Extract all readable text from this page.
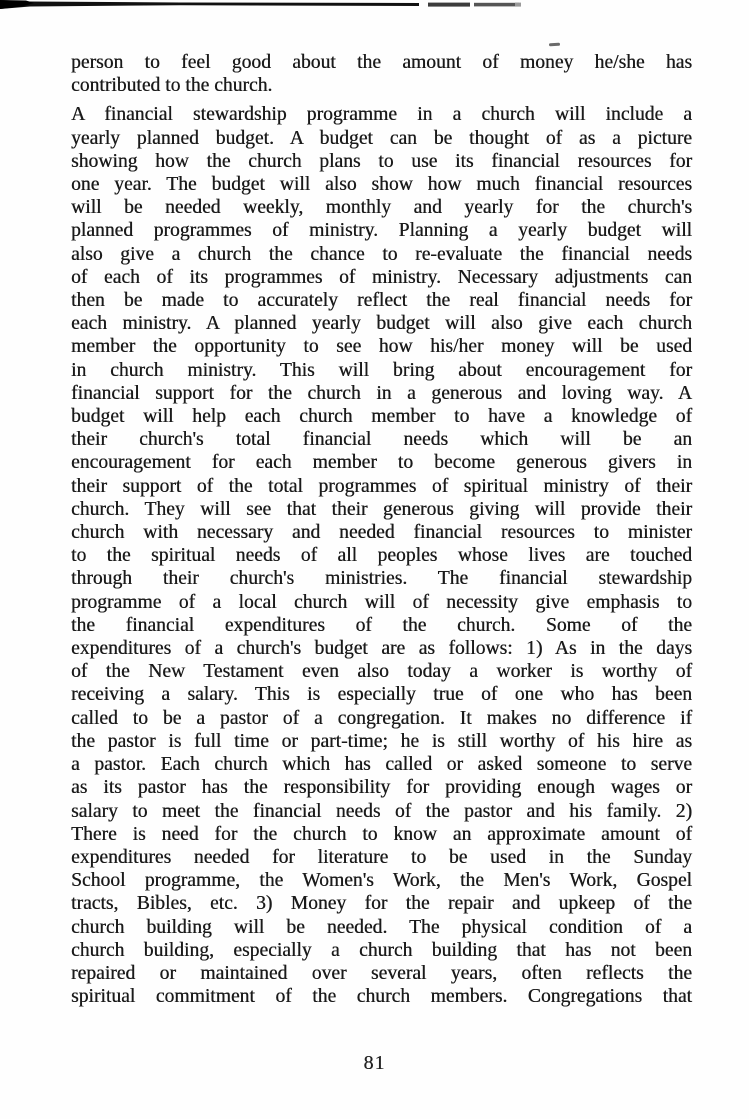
person to feel good about the amount of money he/she has
contributed to the church.

A financial stewardship programme in a church will include a
yearly planned budget. A budget can be thought of as a picture
showing how the church plans to use its financial resources for
one year. The budget will also show how much financial resources
will be needed weekly, monthly and yearly for the church's
planned programmes of ministry. Planning a yearly budget will
also give a church the chance to re-evaluate the financial needs
of each of its programmes of ministry. Necessary adjustments can
then be made to accurately reflect the real financial needs for
each ministry. A planned yearly budget will also give each church
member the opportunity to see how his/her money will be used
in church ministry. This will bring about encouragement for
financial support for the church in a generous and loving way. A
budget will help each church member to have a knowledge of
their church's total financial needs which will be an
encouragement for each member to become generous givers in
their support of the total programmes of spiritual ministry of their
church. They will see that their generous giving will provide their
church with necessary and needed financial resources to minister
to the spiritual needs of all peoples whose lives are touched
through their church's ministries. The financial stewardship
programme of a local church will of necessity give emphasis to
the financial expenditures of the church. Some of the
expenditures of a church's budget are as follows: 1) As in the days
of the New Testament even also today a worker is worthy of
receiving a salary. This is especially true of one who has been
called to be a pastor of a congregation. It makes no difference if
the pastor is full time or part-time; he is still worthy of his hire as
a pastor. Each church which has called or asked someone to serve
as its pastor has the responsibility for providing enough wages or
salary to meet the financial needs of the pastor and his family. 2)
There is need for the church to know an approximate amount of
expenditures needed for literature to be used in the Sunday
School programme, the Women's Work, the Men's Work, Gospel
tracts, Bibles, etc. 3) Money for the repair and upkeep of the
church building will be needed. The physical condition of a
church building, especially a church building that has not been
repaired or maintained over several years, often reflects the
spiritual commitment of the church members. Congregations that

81
